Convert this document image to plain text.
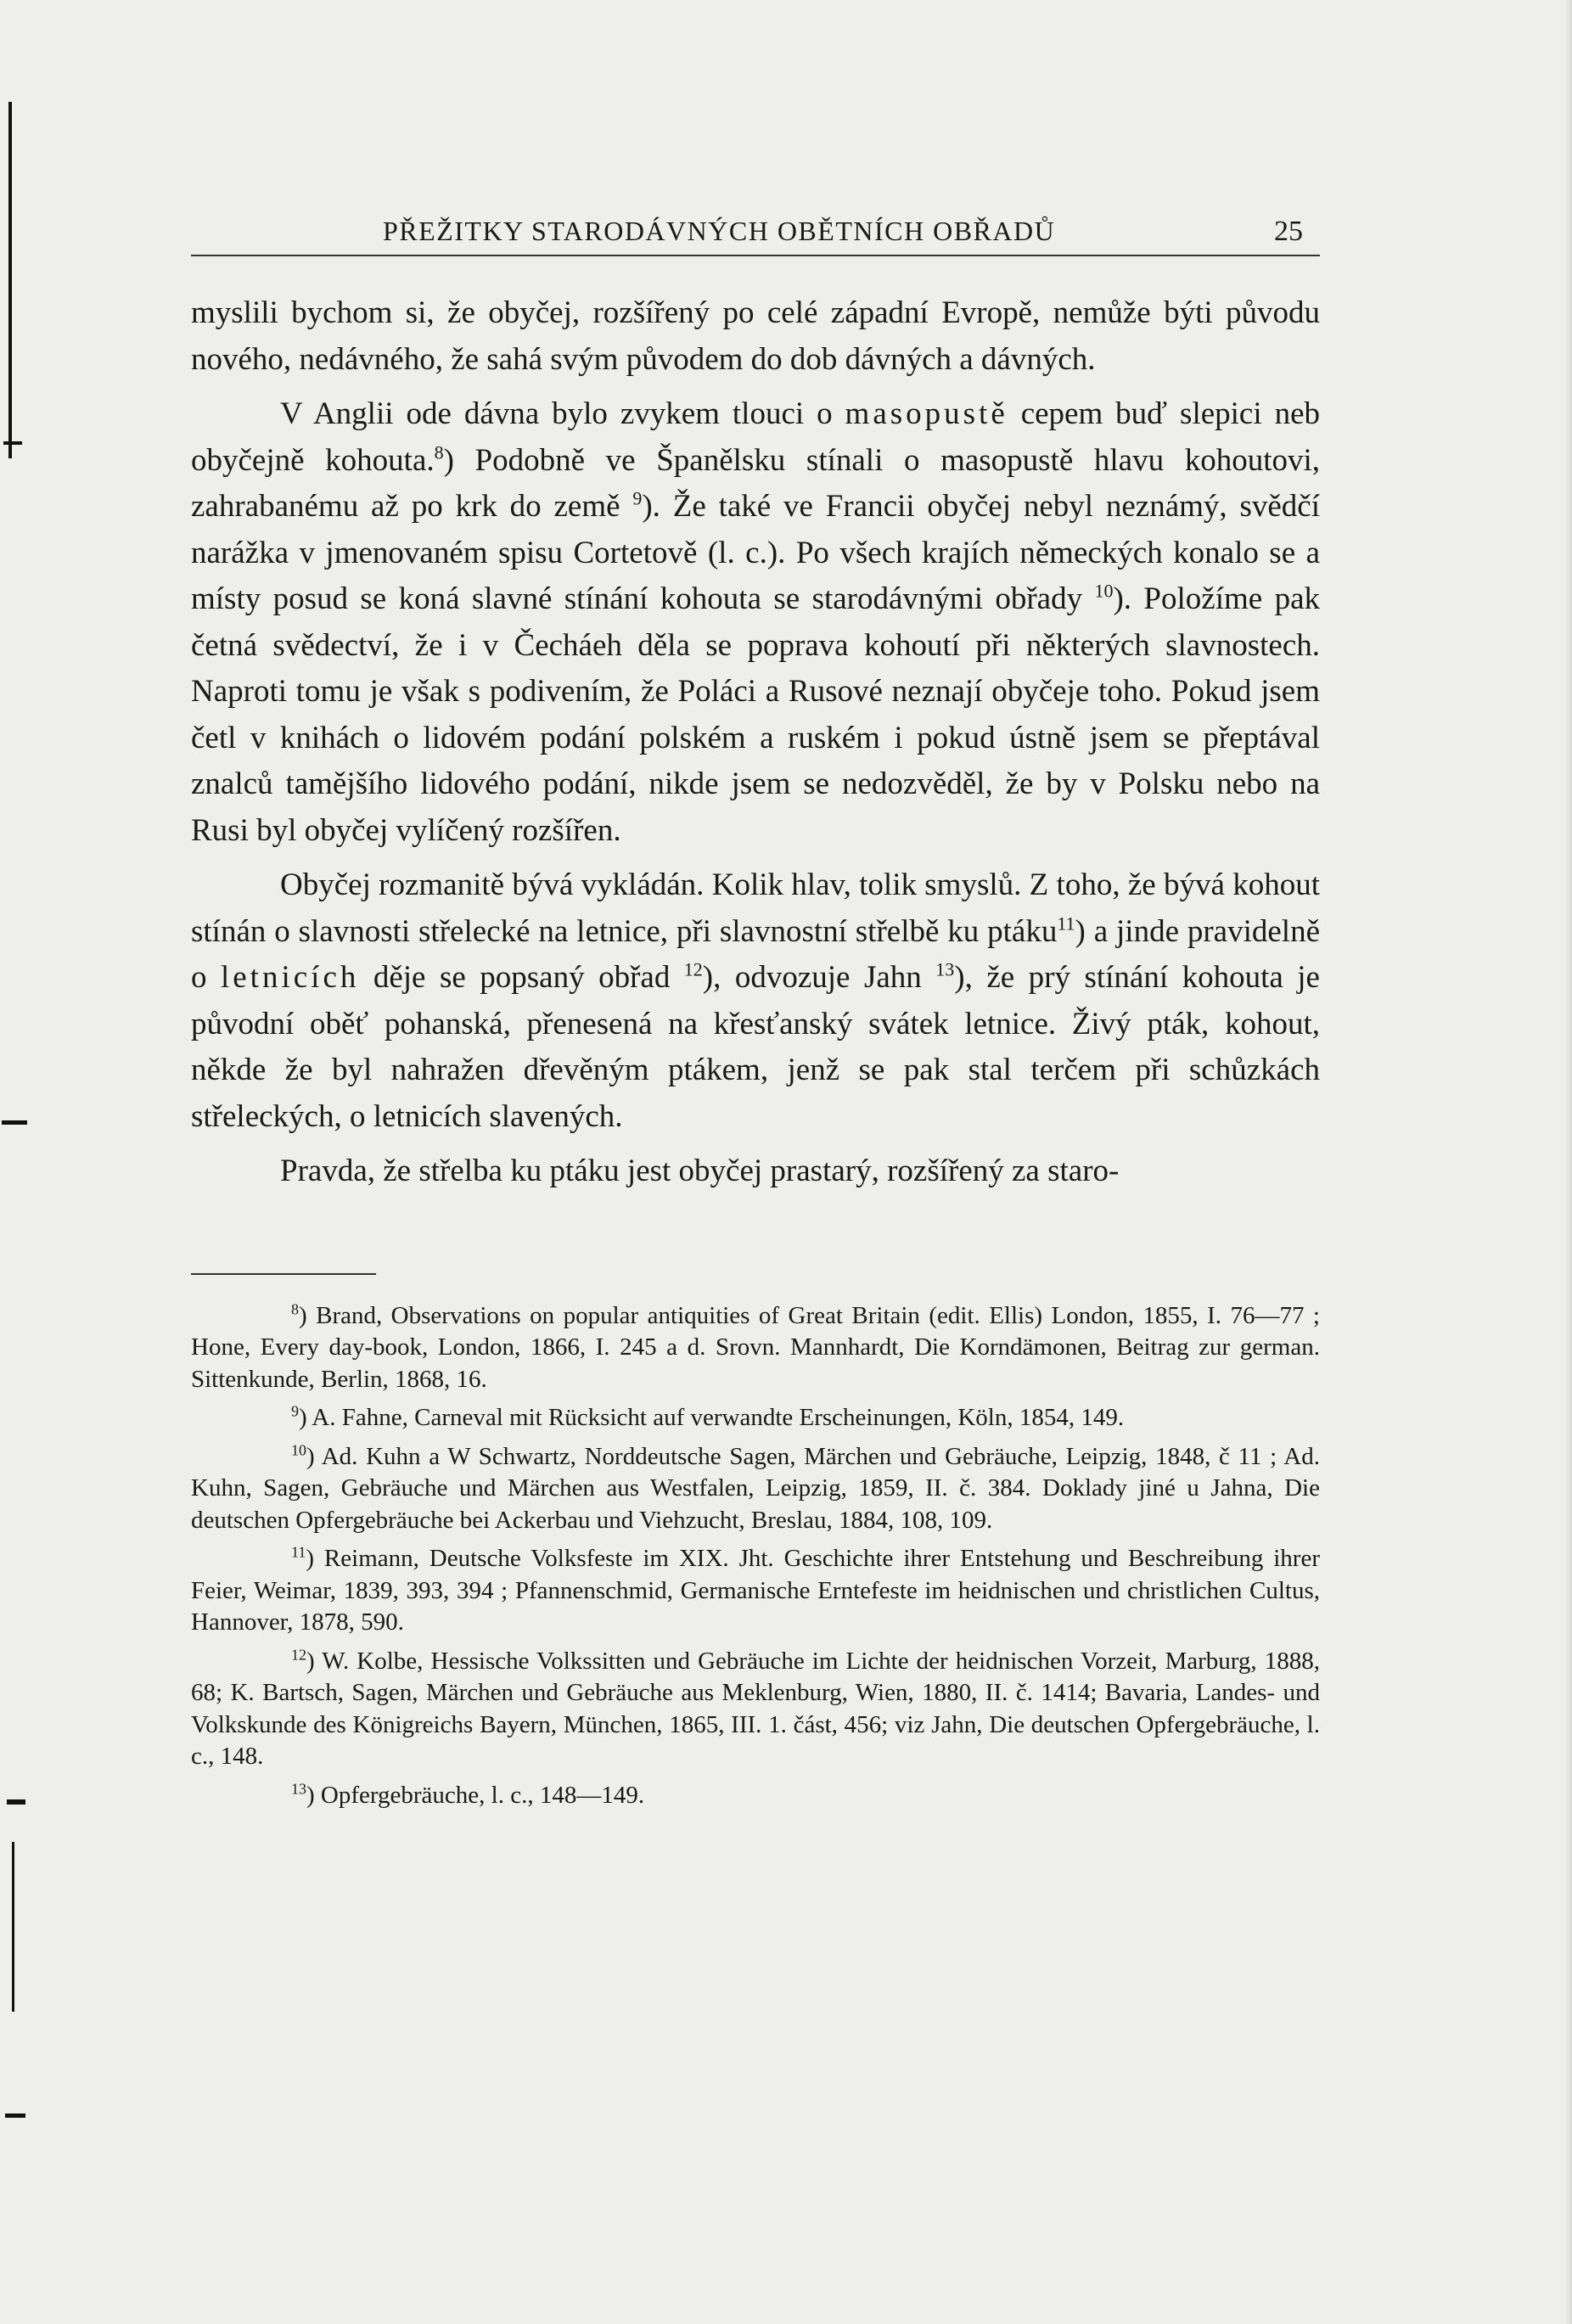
PŘEŽITKY STARODÁVNÝCH OBĚTNÍCH OBŘADŮ	25

myslili bychom si, že obyčej, rozšířený po celé západní Evropě, nemůže býti původu nového, nedávného, že sahá svým původem do dob dávných a dávných.

V Anglii ode dávna bylo zvykem tlouci o masopustě cepem buď slepici neb obyčejně kohouta.$^8$) Podobně ve Španělsku stínali o masopustě hlavu kohoutovi, zahrabanému až po krk do země $^9$). Že také ve Francii obyčej nebyl neznámý, svědčí narážka v jmenovaném spisu Cortetově (l. c.). Po všech krajích německých konalo se a místy posud se koná slavné stínání kohouta se starodávnými obřady $^{10}$). Položíme pak četná svědectví, že i v Čecháeh děla se poprava kohoutí při některých slavnostech. Naproti tomu je však s podivením, že Poláci a Rusové neznají obyčeje toho. Pokud jsem četl v knihách o lidovém podání polském a ruském i pokud ústně jsem se přeptával znalců tamějšího lidového podání, nikde jsem se nedozvěděl, že by v Polsku nebo na Rusi byl obyčej vylíčený rozšířen.

Obyčej rozmanitě bývá vykládán. Kolik hlav, tolik smyslů. Z toho, že bývá kohout stínán o slavnosti střelecké na letnice, při slavnostní střelbě ku ptáku$^{11}$) a jinde pravidelně o letnicích děje se popsaný obřad $^{12}$), odvozuje Jahn $^{13}$), že prý stínání kohouta je původní oběť pohanská, přenesená na křesťanský svátek letnice. Živý pták, kohout, někde že byl nahražen dřevěným ptákem, jenž se pak stal terčem při schůzkách střeleckých, o letnicích slavených.

Pravda, že střelba ku ptáku jest obyčej prastarý, rozšířený za staro-

$^8$) Brand, Observations on popular antiquities of Great Britain (edit. Ellis) London, 1855, I. 76—77 ; Hone, Every day-book, London, 1866, I. 245 a d. Srovn. Mannhardt, Die Korndämonen, Beitrag zur german. Sittenkunde, Berlin, 1868, 16.

$^9$) A. Fahne, Carneval mit Rücksicht auf verwandte Erscheinungen, Köln, 1854, 149.

$^{10}$) Ad. Kuhn a W Schwartz, Norddeutsche Sagen, Märchen und Gebräuche, Leipzig, 1848, č 11 ; Ad. Kuhn, Sagen, Gebräuche und Märchen aus Westfalen, Leipzig, 1859, II. č. 384. Doklady jiné u Jahna, Die deutschen Opfergebräuche bei Ackerbau und Viehzucht, Breslau, 1884, 108, 109.

$^{11}$) Reimann, Deutsche Volksfeste im XIX. Jht. Geschichte ihrer Entstehung und Beschreibung ihrer Feier, Weimar, 1839, 393, 394 ; Pfannenschmid, Germanische Erntefeste im heidnischen und christlichen Cultus, Hannover, 1878, 590.

$^{12}$) W. Kolbe, Hessische Volkssitten und Gebräuche im Lichte der heidnischen Vorzeit, Marburg, 1888, 68; K. Bartsch, Sagen, Märchen und Gebräuche aus Meklenburg, Wien, 1880, II. č. 1414; Bavaria, Landes- und Volkskunde des Königreichs Bayern, München, 1865, III. 1. část, 456; viz Jahn, Die deutschen Opfergebräuche, l. c., 148.

$^{13}$) Opfergebräuche, l. c., 148—149.
